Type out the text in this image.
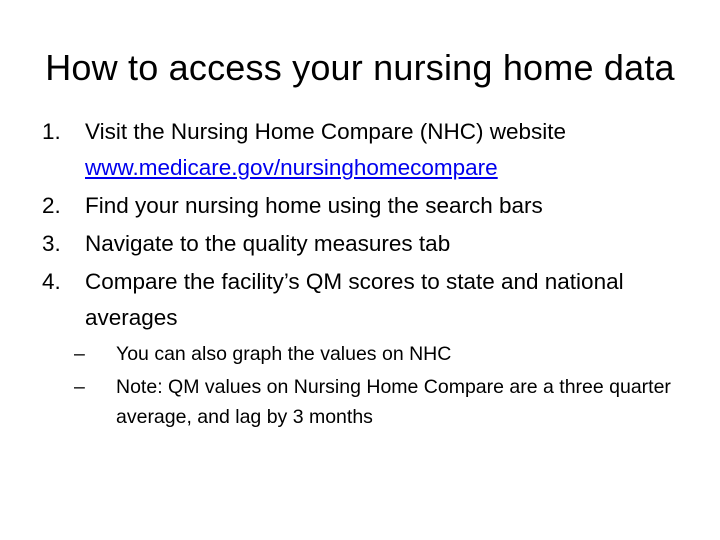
How to access your nursing home data
1. Visit the Nursing Home Compare (NHC) website
www.medicare.gov/nursinghomecompare
2. Find your nursing home using the search bars
3. Navigate to the quality measures tab
4. Compare the facility’s QM scores to state and national averages
– You can also graph the values on NHC
– Note: QM values on Nursing Home Compare are a three quarter average, and lag by 3 months
